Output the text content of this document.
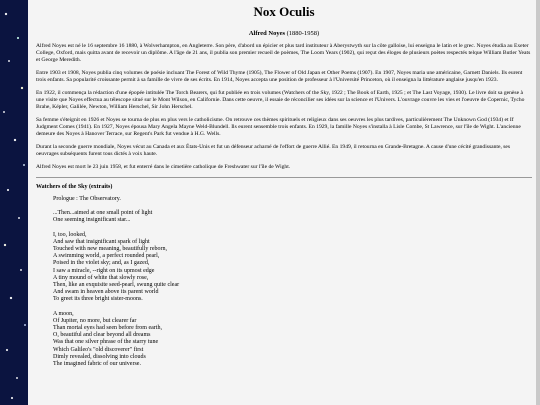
Nox Oculis
Alfred Noyes (1880-1958)

Alfred Noyes est né le 16 septembre 16 1880, à Wolverhampton, en Angleterre. Son père, d'abord un épicier et plus tard instituteur à Aberystwyth sur la côte galloise, lui enseigna le latin et le grec. Noyes étudia au Exeter College, Oxford, mais quitta avant de recevoir un diplôme. A l'âge de 21 ans, il publia son premier recueil de poèmes, The Loom Years (1902), qui reçut des éloges de plusieurs poètes respectés telque William Butler Yeats et George Meredith.

Entre 1903 et 1908, Noyes publia cinq volumes de poésie incluant The Forest of Wild Thyme (1905), The Flower of Old Japan et Other Poems (1907). En 1907, Noyes maria une américaine, Garnett Daniels. Ils eurent trois enfants. Sa popularité croissante permit à sa famille de vivre de ses écrits. En 1914, Noyes accepta une position de professeur à l'Université Princeton, où il enseigna la littérature anglaise jusqu'en 1923.

En 1922, il commença la rédaction d'une épopée intitulée The Torch Bearers, qui fut publiée en trois volumes (Watchers of the Sky, 1922 ; The Book of Earth, 1925 ; et The Last Voyage, 1930). Le livre doit sa genèse à une visite que Noyes effectua au télescope situé sur le Mont Wilson, en Californie. Dans cette oeuvre, il essaie de réconcilier ses idées sur la science et l'Univers. L'ouvrage couvre les vies et l'oeuvre de Copernic, Tycho Brahe, Képler, Galilée, Newton, William Herschel, Sir John Herschel.

Sa femme s'éteignit en 1926 et Noyes se tourna de plus en plus vers le catholicisme. On retrouve ces thèmes spirituels et religieux dans ses oeuvres les plus tardives, particulièrement The Unknown God (1934) et If Judgment Comes (1941). En 1927, Noyes épousa Mary Angela Mayne Weld-Blundell. Ils eurent sensemble trois enfants. En 1929, la famille Noyes s'installa à Lisle Combe, St Lawrence, sur l'île de Wight. L'ancienne demeure des Noyes à Hanover Terrace, sur Regent's Park fut vendue à H.G. Wells.

Durant la seconde guerre mondiale, Noyes vécut au Canada et aux États-Unis et fut un défenseur acharné de l'effort de guerre Allié. En 1949, il retourna en Grande-Bretagne. A cause d'une cécité grandissante, ses oeuvrages subséquents furent tous dictés à voix haute.

Alfred Noyes est mort le 23 juin 1958, et fut enterré dans le cimetière catholique de Freshwater sur l'île de Wight.

Watchers of the Sky (extraits)
Prologue : The Observatory.
...Then...aimed at one small point of light
One seeming insignificant star...
I, too, looked,
And saw that insignificant spark of light
Touched with new meaning, beautifully reborn,
A swimming world, a perfect rounded pearl,
Poised in the violet sky; and, as I gazed,
I saw a miracle, --right on its upmost edge
A tiny mound of white that slowly rose,
Then, like an exquisite seed-pearl, swung quite clear
And swam in heaven above its parent world
To greet its three bright sister-moons.
A moon,
Of Jupiter, no more, but clearer far
Than mortal eyes had seen before from earth,
O, beautiful and clear beyond all dreams
Was that one silver phrase of the starry tune
Which Galileo's "old discoverer" first
Dimly revealed, dissolving into clouds
The imagined fabric of our universe.
